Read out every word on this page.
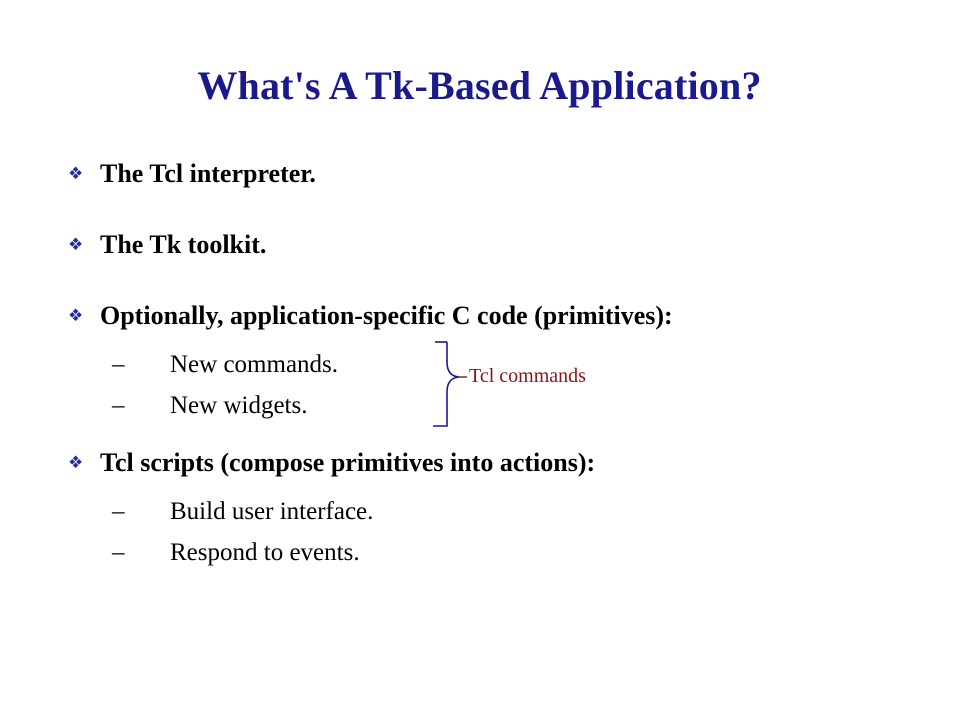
What's A Tk-Based Application?
❖ The Tcl interpreter.
❖ The Tk toolkit.
❖ Optionally, application-specific C code (primitives):
–	New commands.
–	New widgets.
❖ Tcl scripts (compose primitives into actions):
–	Build user interface.
–	Respond to events.
Tcl commands
